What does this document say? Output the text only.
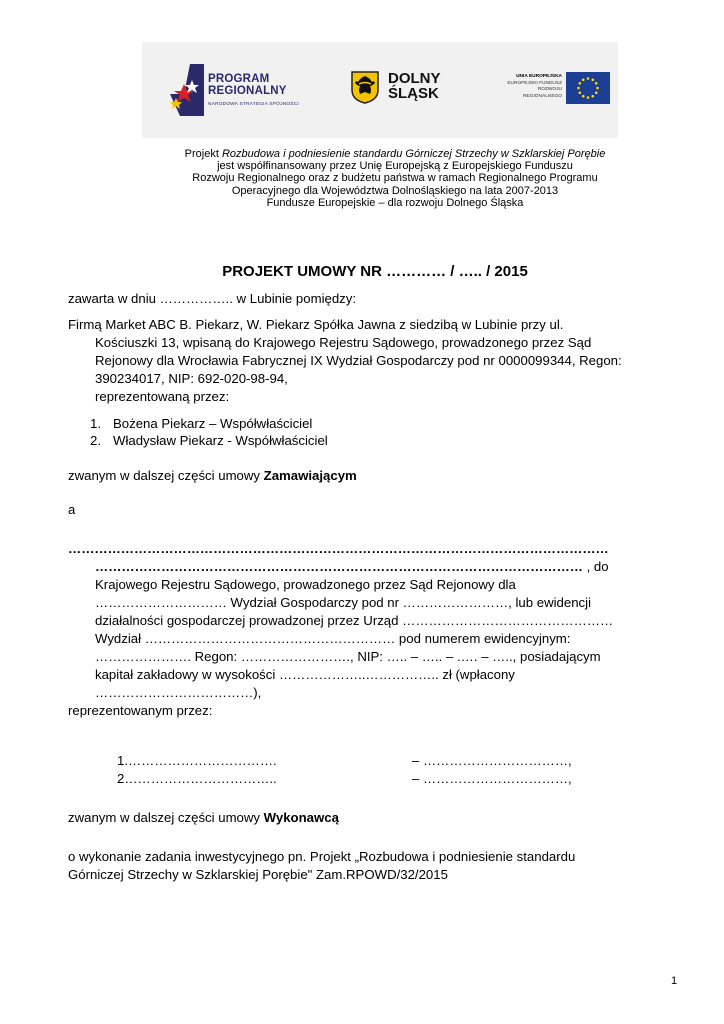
PROGRAM
REGIONALNY
NARODOWA STRATEGIA SPÓJNOŚCI
DOLNY
ŚLĄSK
UNIA EUROPEJSKA
EUROPEJSKI FUNDUSZ
ROZWOJU REGIONALNEGO
Projekt Rozbudowa i podniesienie standardu Górniczej Strzechy w Szklarskiej Porębie
jest współfinansowany przez Unię Europejską z Europejskiego Funduszu
Rozwoju Regionalnego oraz z budżetu państwa w ramach Regionalnego Programu
Operacyjnego dla Województwa Dolnośląskiego na lata 2007-2013
Fundusze Europejskie – dla rozwoju Dolnego Śląska
PROJEKT UMOWY NR ………… / ….. / 2015
zawarta w dniu …………….. w Lubinie pomiędzy:
Firmą Market ABC B. Piekarz, W. Piekarz Spółka Jawna z siedzibą w Lubinie przy ul.
Kościuszki 13, wpisaną do Krajowego Rejestru Sądowego, prowadzonego przez Sąd
Rejonowy dla Wrocławia Fabrycznej IX Wydział Gospodarczy pod nr 0000099344, Regon:
390234017, NIP: 692-020-98-94,
reprezentowaną przez:
1. Bożena Piekarz – Współwłaściciel
2. Władysław Piekarz - Współwłaściciel
zwanym w dalszej części umowy Zamawiającym
a
……………………………………………………………………………………………………………
………………………………………………………………………………………………… , do
Krajowego Rejestru Sądowego, prowadzonego przez Sąd Rejonowy dla
………………………… Wydział Gospodarczy pod nr ……………………, lub ewidencji
działalności gospodarczej prowadzonej przez Urząd …………………………………………
Wydział ………………………………………………… pod numerem ewidencyjnym:
…………………. Regon: ……………………., NIP: ….. – ….. – .…. – ….., posiadającym
kapitał zakładowy w wysokości ………………..…………….. zł (wpłacony
………………………………),
reprezentowanym przez:
1.…………………………….	– ……………………………,
2……………………………..	– ……………………………,
zwanym w dalszej części umowy Wykonawcą
o wykonanie zadania inwestycyjnego pn. Projekt „Rozbudowa i podniesienie standardu
Górniczej Strzechy w Szklarskiej Porębie" Zam.RPOWD/32/2015
1
